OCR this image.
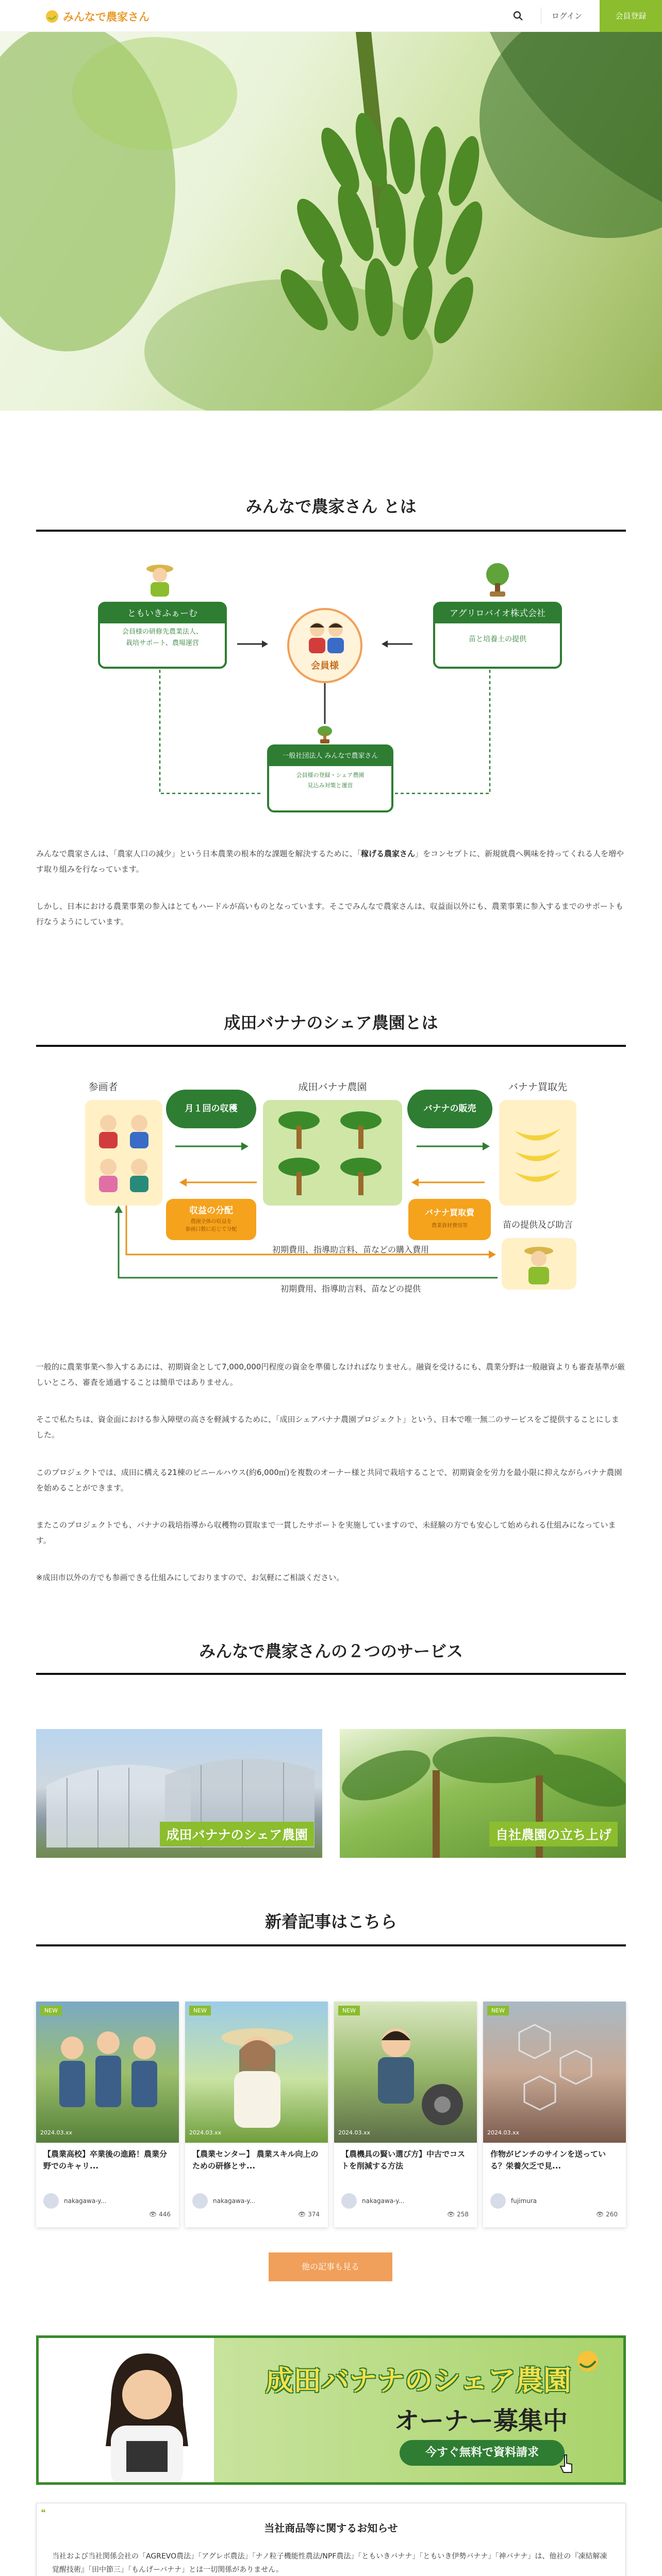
みんなで農家さん	ログイン	会員登録
みんなで農家さん とは
ともいきふぁーむ
会員様の研修先農業法人、
栽培サポート、農場運営
会員様
アグリロバイオ株式会社
苗と培養土の提供
一般社団法人 みんなで農家さん
会員様の登録・シェア農園
見込み対策と運営
みんなで農家さんは、「農家人口の減少」という日本農業の根本的な課題を解決するために、「稼げる農家さん」をコンセプトに、新規就農へ興味を持ってくれる人を増やす取り組みを行なっています。
しかし、日本における農業事業の参入はとてもハードルが高いものとなっています。そこでみんなで農家さんは、収益面以外にも、農業事業に参入するまでのサポートも行なうようにしています。
成田バナナのシェア農園とは
参画者	成田バナナ農園	バナナ買取先
月１回の収穫
収益の分配
農園全体の収益を
参画口数に応じて分配
バナナの販売
バナナ買取費
農業資材費用等	苗の提供及び助言
初期費用、指導助言料、苗などの購入費用
初期費用、指導助言料、苗などの提供
一般的に農業事業へ参入するあには、初期資金として7,000,000円程度の資金を準備しなければなりません。融資を受けるにも、農業分野は一般融資よりも審査基準が厳しいところ、審査を通過することは簡単ではありません。
そこで私たちは、資金面における参入障壁の高さを軽減するために、「成田シェアバナナ農園プロジェクト」という、日本で唯一無二のサービスをご提供することにしました。
このプロジェクトでは、成田に構える21棟のビニールハウス(約6,000㎡)を複数のオーナー様と共同で栽培することで、初期資金を労力を最小限に抑えながらバナナ農園を始めることができます。
またこのプロジェクトでも、バナナの栽培指導から収穫物の買取まで一貫したサポートを実施していますので、未経験の方でも安心して始められる仕組みになっています。
※成田市以外の方でも参画できる仕組みにしておりますので、お気軽にご相談ください。
みんなで農家さんの２つのサービス
成田バナナのシェア農園	自社農園の立ち上げ
新着記事はこちら
NEW
2024.03.xx
【農業高校】卒業後の進路！農業分野でのキャリ...
nakagawa-y...
👁 446
NEW
2024.03.xx
【農業センター】 農業スキル向上のための研修とサ...
nakagawa-y...
👁 374
NEW
2024.03.xx
【農機具の賢い選び方】中古でコストを削減する方法
nakagawa-y...
👁 258
NEW
2024.03.xx
作物がピンチのサインを送っている？栄養欠乏で見...
fujimura
👁 260
他の記事も見る
成田バナナのシェア農園
オーナー募集中
今すぐ無料で資料請求
❝
当社商品等に関するお知らせ
当社および当社関係会社の「AGREVO農法」「アグレボ農法」「ナノ粒子機能性農法/NPF農法」「ともいきバナナ」「ともいき伊勢バナナ」「神バナナ」は、他社の『凍結解凍覚醒技術』「田中節三」「もんげーバナナ」とは一切関係がありません。
